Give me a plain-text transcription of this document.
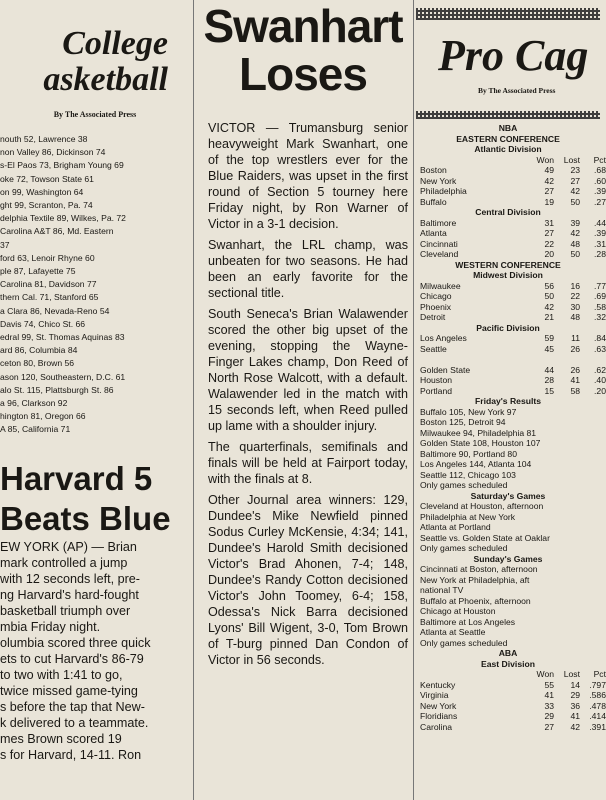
College
asketball
By The Associated Press

nouth 52, Lawrence 38

non Valley 86, Dickinson 74

s-El Paos 73, Brigham Young 69

oke 72, Towson State 61

on 99, Washington 64

ght 99, Scranton, Pa. 74

delphia Textile 89, Wilkes, Pa. 72

Carolina A&T 86, Md. Eastern

37

ford 63, Lenoir Rhyne 60

ple 87, Lafayette 75

Carolina 81, Davidson 77

thern Cal. 71, Stanford 65

a Clara 86, Nevada-Reno 54

Davis 74, Chico St. 66

edral 99, St. Thomas Aquinas 83

ard 86, Columbia 84

ceton 80, Brown 56

ason 120, Southeastern, D.C. 61

alo St. 115, Plattsburgh St. 86

a 96, Clarkson 92

hington 81, Oregon 66

A 85, California 71

Harvard 5
Beats Blue

EW YORK (AP) — Brian

mark controlled a jump

with 12 seconds left, pre-

ng Harvard's hard-fought

basketball triumph over

mbia Friday night.

olumbia scored three quick

ets to cut Harvard's 86-79

to two with 1:41 to go,

twice missed game-tying

s before the tap that New-

k delivered to a teammate.

mes Brown scored 19

s for Harvard, 14-11. Ron

Swanhart
Loses

VICTOR — Trumansburg senior heavyweight Mark Swanhart, one of the top wrestlers ever for the Blue Raiders, was upset in the first round of Section 5 tourney here Friday night, by Ron Warner of Victor in a 3-1 decision.

Swanhart, the LRL champ, was unbeaten for two seasons. He had been an early favorite for the sectional title.

South Seneca's Brian Walawender scored the other big upset of the evening, stopping the Wayne-Finger Lakes champ, Don Reed of North Rose Walcott, with a default. Walawender led in the match with 15 seconds left, when Reed pulled up lame with a shoulder injury.

The quarterfinals, semifinals and finals will be held at Fairport today, with the finals at 8.

Other Journal area winners: 129, Dundee's Mike Newfield pinned Sodus Curley McKensie, 4:34; 141, Dundee's Harold Smith decisioned Victor's Brad Ahonen, 7-4; 148, Dundee's Randy Cotton decisioned Victor's John Toomey, 6-4; 158, Odessa's Nick Barra decisioned Lyons' Bill Wigent, 3-0, Tom Brown of T-burg pinned Dan Condon of Victor in 56 seconds.

Pro Cag
By The Associated Press
NBA
EASTERN CONFERENCE
Atlantic Division
Won Lost Pct
Boston	49 23 .68
New York	42 27 .60
Philadelphia	27 42 .39
Buffalo	19 50 .27
Central Division
Baltimore	31 39 .44
Atlanta	27 42 .39
Cincinnati	22 48 .31
Cleveland	20 50 .28
WESTERN CONFERENCE
Midwest Division
Milwaukee	56 16 .77
Chicago	50 22 .69
Phoenix	42 30 .58
Detroit	21 48 .32
Pacific Division
Los Angeles	59 11 .84
Seattle	45 26 .63

Golden State	44 26 .62
Houston	28 41 .40
Portland	15 58 .20
Friday's Results
Buffalo 105, New York 97
Boston 125, Detroit 94
Milwaukee 94, Philadelphia 81
Golden State 108, Houston 107
Baltimore 90, Portland 80
Los Angeles 144, Atlanta 104
Seattle 112, Chicago 103
Only games scheduled
Saturday's Games
Cleveland at Houston, afternoon
Philadelphia at New York
Atlanta at Portland
Seattle vs. Golden State at Oaklar
Only games scheduled
Sunday's Games
Cincinnati at Boston, afternoon
New York at Philadelphia, aft
national TV
Buffalo at Phoenix, afternoon
Chicago at Houston
Baltimore at Los Angeles
Atlanta at Seattle
Only games scheduled
ABA
East Division
Won Lost Pct
Kentucky	55 14 .797
Virginia	41 29 .586
New York	33 36 .478
Floridians	29 41 .414
Carolina	27 42 .391
